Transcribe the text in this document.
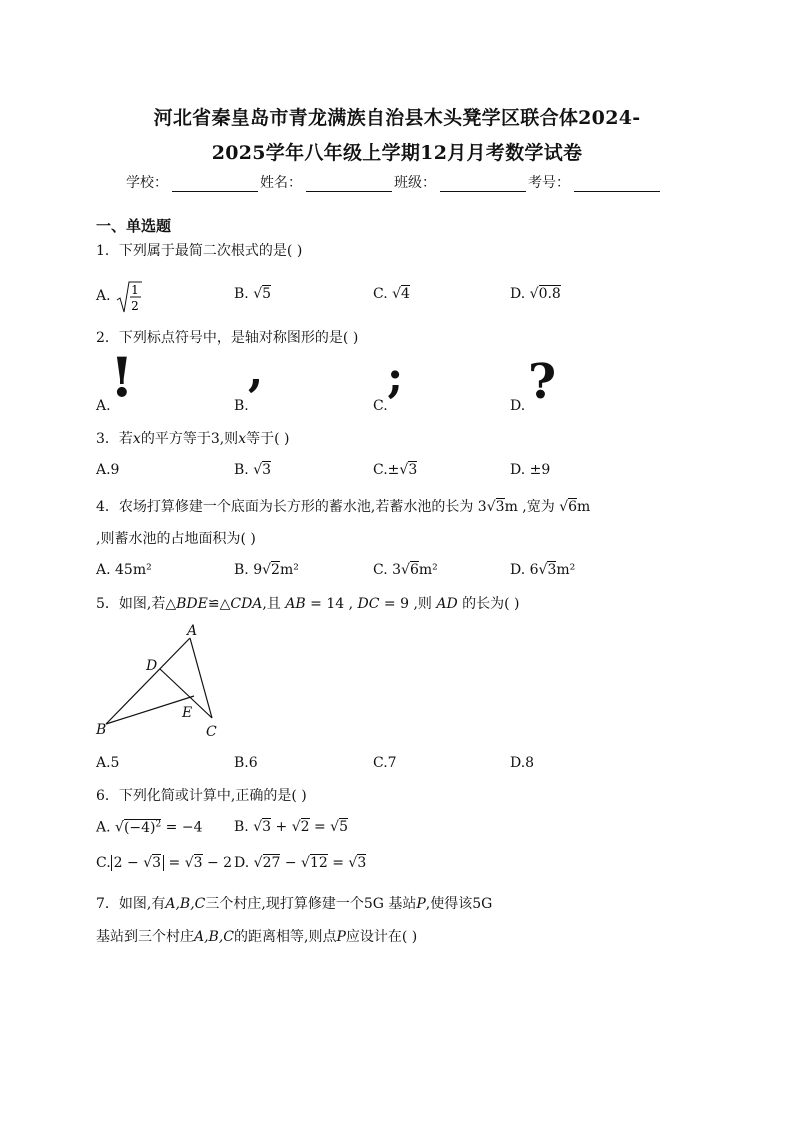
河北省秦皇岛市青龙满族自治县木头凳学区联合体2024-
2025学年八年级上学期12月月考数学试卷
学校：	姓名：	班级：	考号：
一、单选题
1．下列属于最简二次根式的是( )
A. 1
2
B. √5	C. √4	D. √0.8
2．下列标点符号中，是轴对称图形的是( )
A. !	B.
,
C.
;
D. ?
3．若x的平方等于3,则x等于( )
A.9	B. √3	C.±√3	D. ±9
4．农场打算修建一个底面为长方形的蓄水池,若蓄水池的长为 3√3m ,宽为 √6m
,则蓄水池的占地面积为( )
A. 45m²	B. 9√2m²	C. 3√6m²	D. 6√3m²
5．如图,若△BDE≌△CDA,且 AB = 14 , DC = 9 ,则 AD 的长为( )
A
D
E
B	C
A.5	B.6	C.7	D.8
6．下列化简或计算中,正确的是( )
A. $√(-4)^2 = -4$ B. √3 + √2 = √5
C. 2 − √3 = √3 − 2 D. √27 − √12 = √3
7．如图,有A,B,C三个村庄,现打算修建一个5G 基站P,使得该5G
基站到三个村庄A,B,C的距离相等,则点P应设计在( )
